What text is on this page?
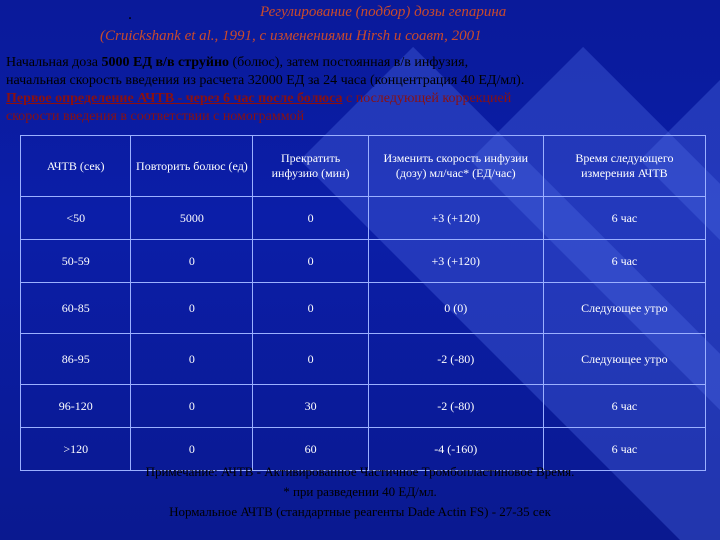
.	Регулирование (подбор) дозы гепарина
(Cruickshank et al., 1991, с изменениями Hirsh и соавт, 2001
Начальная доза 5000 ЕД в/в струйно (болюс), затем постоянная в/в инфузия,
начальная скорость введения из расчета 32000 ЕД за 24 часа (концентрация 40 ЕД/мл).
Первое определение АЧТВ - через 6 час после болюса с последующей коррекцией
скорости введения в соответствии с номограммой
АЧТВ (сек)	Повторить болюс (ед)	Прекратить инфузию (мин)	Изменить скорость инфузии (дозу) мл/час* (ЕД/час)	Время следующего измерения АЧТВ
<50	5000	0	+3 (+120)	6 час
50-59	0	0	+3 (+120)	6 час
60-85	0	0	0 (0)	Следующее утро
86-95	0	0	-2 (-80)	Следующее утро
96-120	0	30	-2 (-80)	6 час
>120	0	60	-4 (-160)	6 час
Примечание: АЧТВ - Активированное Частичное Тромбопластиновое Время.
* при разведении 40 ЕД/мл.
Нормальное АЧТВ (стандартные реагенты Dade Actin FS) - 27-35 сек
